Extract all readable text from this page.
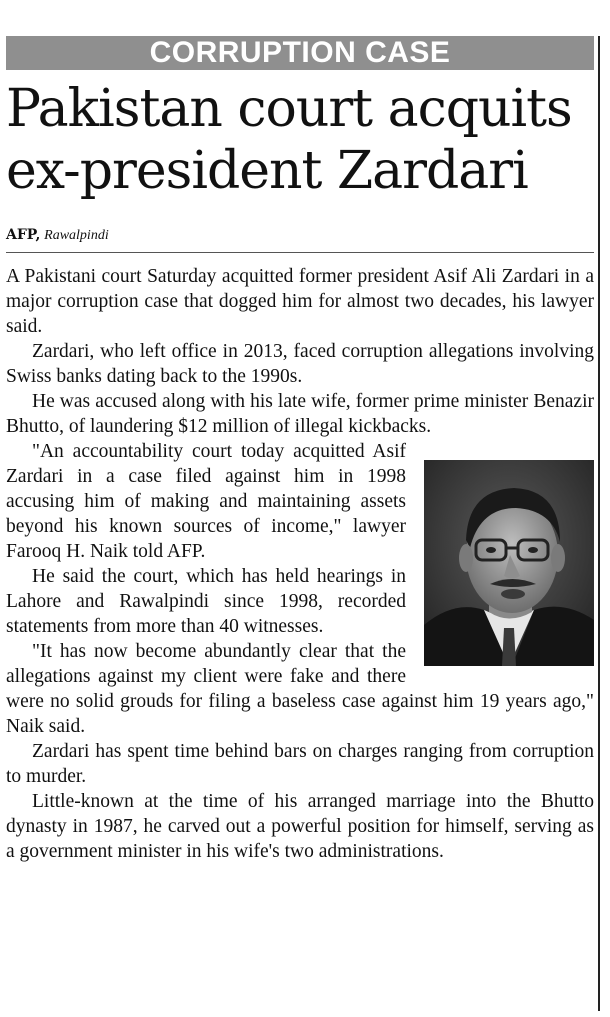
CORRUPTION CASE
Pakistan court acquits ex-president Zardari
AFP, Rawalpindi

A Pakistani court Saturday acquitted former president Asif Ali Zardari in a major corruption case that dogged him for almost two decades, his lawyer said.

Zardari, who left office in 2013, faced corruption allegations involving Swiss banks dating back to the 1990s.

He was accused along with his late wife, former prime minister Benazir Bhutto, of laundering $12 million of illegal kickbacks.

"An accountability court today acquitted Asif Zardari in a case filed against him in 1998 accusing him of making and maintaining assets beyond his known sources of income," lawyer Farooq H. Naik told AFP.

He said the court, which has held hearings in Lahore and Rawalpindi since 1998, recorded statements from more than 40 witnesses.

"It has now become abundantly clear that the allegations against my client were fake and there were no solid grouds for filing a baseless case against him 19 years ago," Naik said.

Zardari has spent time behind bars on charges ranging from corruption to murder.

Little-known at the time of his arranged marriage into the Bhutto dynasty in 1987, he carved out a powerful position for himself, serving as a government minister in his wife's two administrations.
